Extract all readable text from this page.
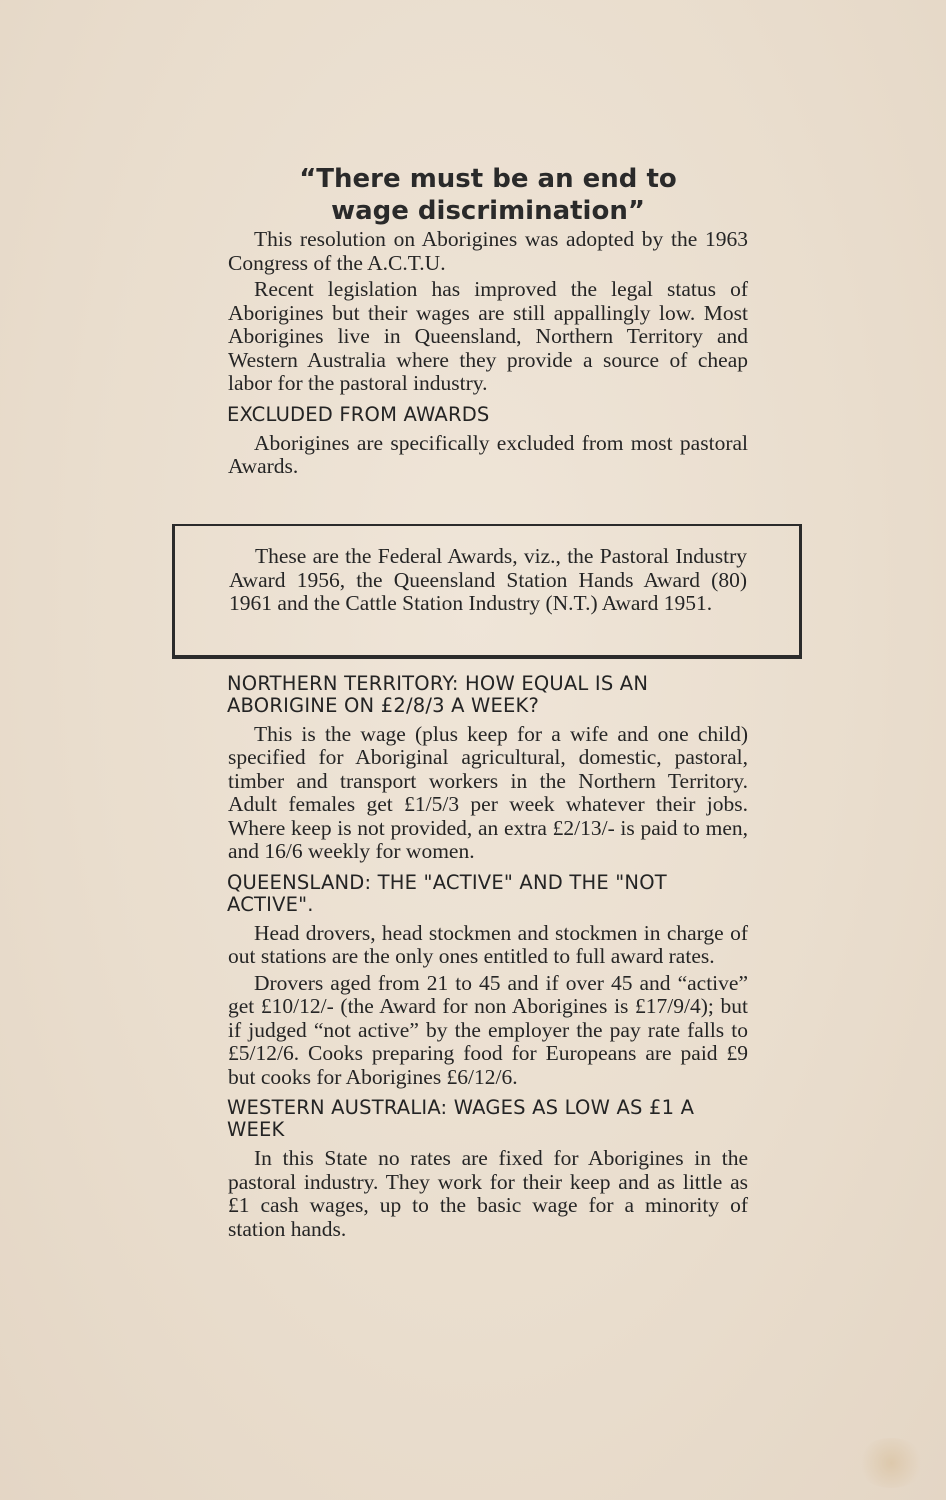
“There must be an end to
wage discrimination”

This resolution on Aborigines was adopted by the 1963 Congress of the A.C.T.U.

Recent legislation has improved the legal status of Aborigines but their wages are still appallingly low. Most Aborigines live in Queensland, Northern Territory and Western Australia where they provide a source of cheap labor for the pastoral industry.

EXCLUDED FROM AWARDS

Aborigines are specifically excluded from most pastoral Awards.

NORTHERN TERRITORY: HOW EQUAL IS AN ABORIGINE ON £2/8/3 A WEEK?

This is the wage (plus keep for a wife and one child) specified for Aboriginal agricultural, domestic, pastoral, timber and transport workers in the Northern Territory. Adult females get £1/5/3 per week whatever their jobs. Where keep is not provided, an extra £2/13/- is paid to men, and 16/6 weekly for women.

QUEENSLAND: THE "ACTIVE" AND THE "NOT ACTIVE".

Head drovers, head stockmen and stockmen in charge of out stations are the only ones entitled to full award rates.

Drovers aged from 21 to 45 and if over 45 and “active” get £10/12/- (the Award for non Aborigines is £17/9/4); but if judged “not active” by the employer the pay rate falls to £5/12/6. Cooks preparing food for Europeans are paid £9 but cooks for Aborigines £6/12/6.

WESTERN AUSTRALIA: WAGES AS LOW AS £1 A WEEK

In this State no rates are fixed for Aborigines in the pastoral industry. They work for their keep and as little as £1 cash wages, up to the basic wage for a minority of station hands.

These are the Federal Awards, viz., the Pastoral Industry Award 1956, the Queensland Station Hands Award (80) 1961 and the Cattle Station Industry (N.T.) Award 1951.
